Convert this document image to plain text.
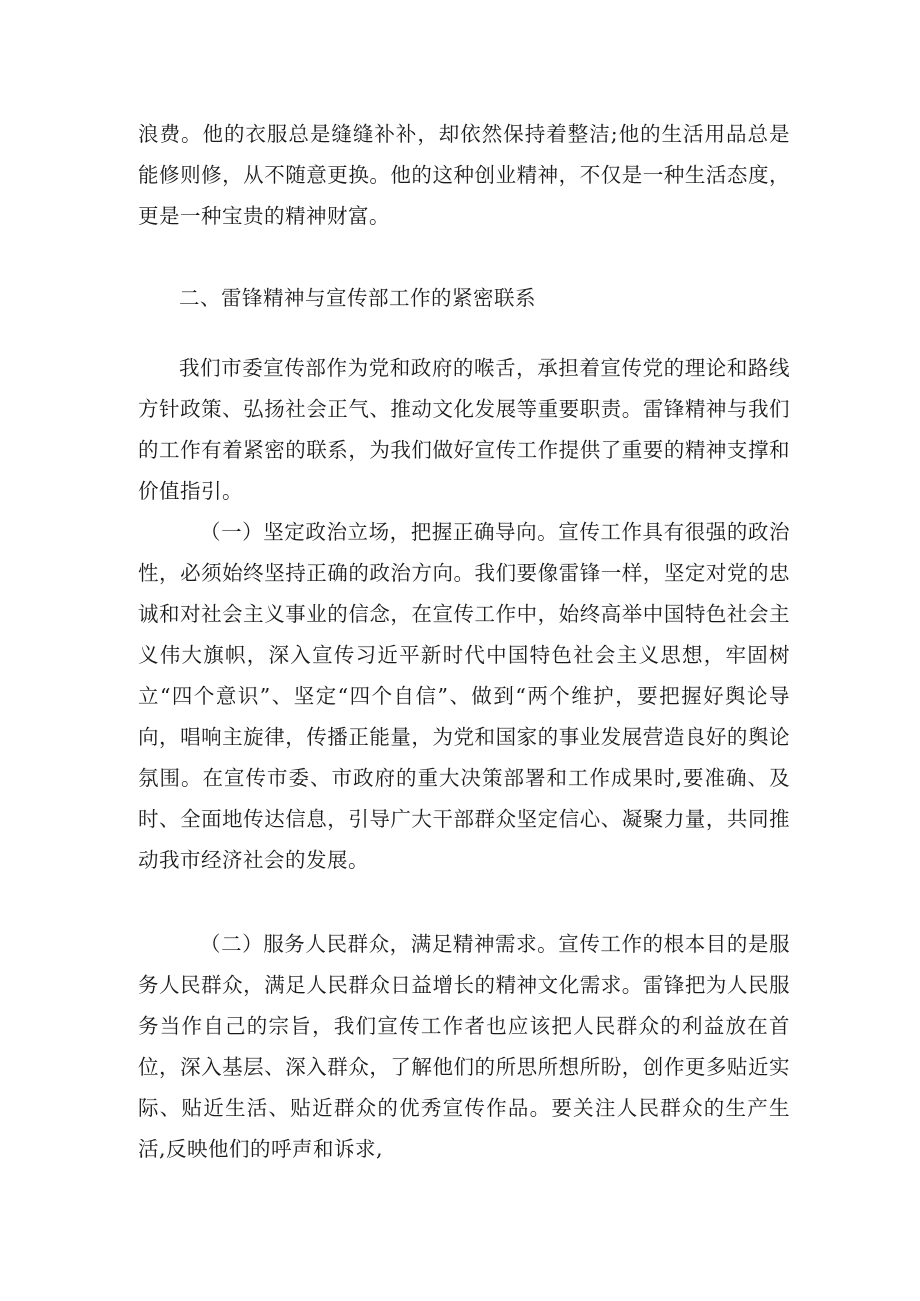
浪费。他的衣服总是缝缝补补，却依然保持着整洁;他的生活用品总是能修则修，从不随意更换。他的这种创业精神，不仅是一种生活态度，更是一种宝贵的精神财富。

二、雷锋精神与宣传部工作的紧密联系

我们市委宣传部作为党和政府的喉舌，承担着宣传党的理论和路线方针政策、弘扬社会正气、推动文化发展等重要职责。雷锋精神与我们的工作有着紧密的联系，为我们做好宣传工作提供了重要的精神支撑和价值指引。

（一）坚定政治立场，把握正确导向。宣传工作具有很强的政治性，必须始终坚持正确的政治方向。我们要像雷锋一样，坚定对党的忠诚和对社会主义事业的信念，在宣传工作中，始终高举中国特色社会主义伟大旗帜，深入宣传习近平新时代中国特色社会主义思想，牢固树立“四个意识”、坚定“四个自信”、做到“两个维护，要把握好舆论导向，唱响主旋律，传播正能量，为党和国家的事业发展营造良好的舆论氛围。在宣传市委、市政府的重大决策部署和工作成果时,要准确、及时、全面地传达信息，引导广大干部群众坚定信心、凝聚力量，共同推动我市经济社会的发展。

（二）服务人民群众，满足精神需求。宣传工作的根本目的是服务人民群众，满足人民群众日益增长的精神文化需求。雷锋把为人民服务当作自己的宗旨，我们宣传工作者也应该把人民群众的利益放在首位，深入基层、深入群众，了解他们的所思所想所盼，创作更多贴近实际、贴近生活、贴近群众的优秀宣传作品。要关注人民群众的生产生活,反映他们的呼声和诉求,
